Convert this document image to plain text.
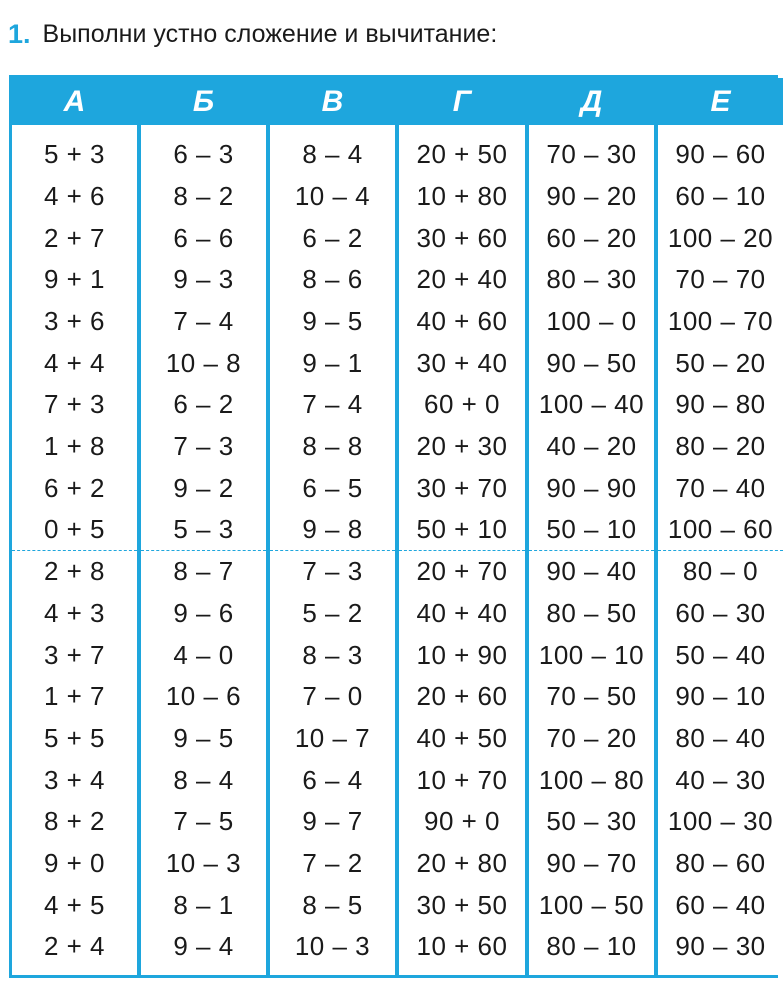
1. Выполни устно сложение и вычитание:
А
5 + 3
4 + 6
2 + 7
9 + 1
3 + 6
4 + 4
7 + 3
1 + 8
6 + 2
0 + 5
2 + 8
4 + 3
3 + 7
1 + 7
5 + 5
3 + 4
8 + 2
9 + 0
4 + 5
2 + 4
Б
6 – 3
8 – 2
6 – 6
9 – 3
7 – 4
10 – 8
6 – 2
7 – 3
9 – 2
5 – 3
8 – 7
9 – 6
4 – 0
10 – 6
9 – 5
8 – 4
7 – 5
10 – 3
8 – 1
9 – 4
В
8 – 4
10 – 4
6 – 2
8 – 6
9 – 5
9 – 1
7 – 4
8 – 8
6 – 5
9 – 8
7 – 3
5 – 2
8 – 3
7 – 0
10 – 7
6 – 4
9 – 7
7 – 2
8 – 5
10 – 3
Г
20 + 50
10 + 80
30 + 60
20 + 40
40 + 60
30 + 40
60 + 0
20 + 30
30 + 70
50 + 10
20 + 70
40 + 40
10 + 90
20 + 60
40 + 50
10 + 70
90 + 0
20 + 80
30 + 50
10 + 60
Д
70 – 30
90 – 20
60 – 20
80 – 30
100 – 0
90 – 50
100 – 40
40 – 20
90 – 90
50 – 10
90 – 40
80 – 50
100 – 10
70 – 50
70 – 20
100 – 80
50 – 30
90 – 70
100 – 50
80 – 10
Е
90 – 60
60 – 10
100 – 20
70 – 70
100 – 70
50 – 20
90 – 80
80 – 20
70 – 40
100 – 60
80 – 0
60 – 30
50 – 40
90 – 10
80 – 40
40 – 30
100 – 30
80 – 60
60 – 40
90 – 30
